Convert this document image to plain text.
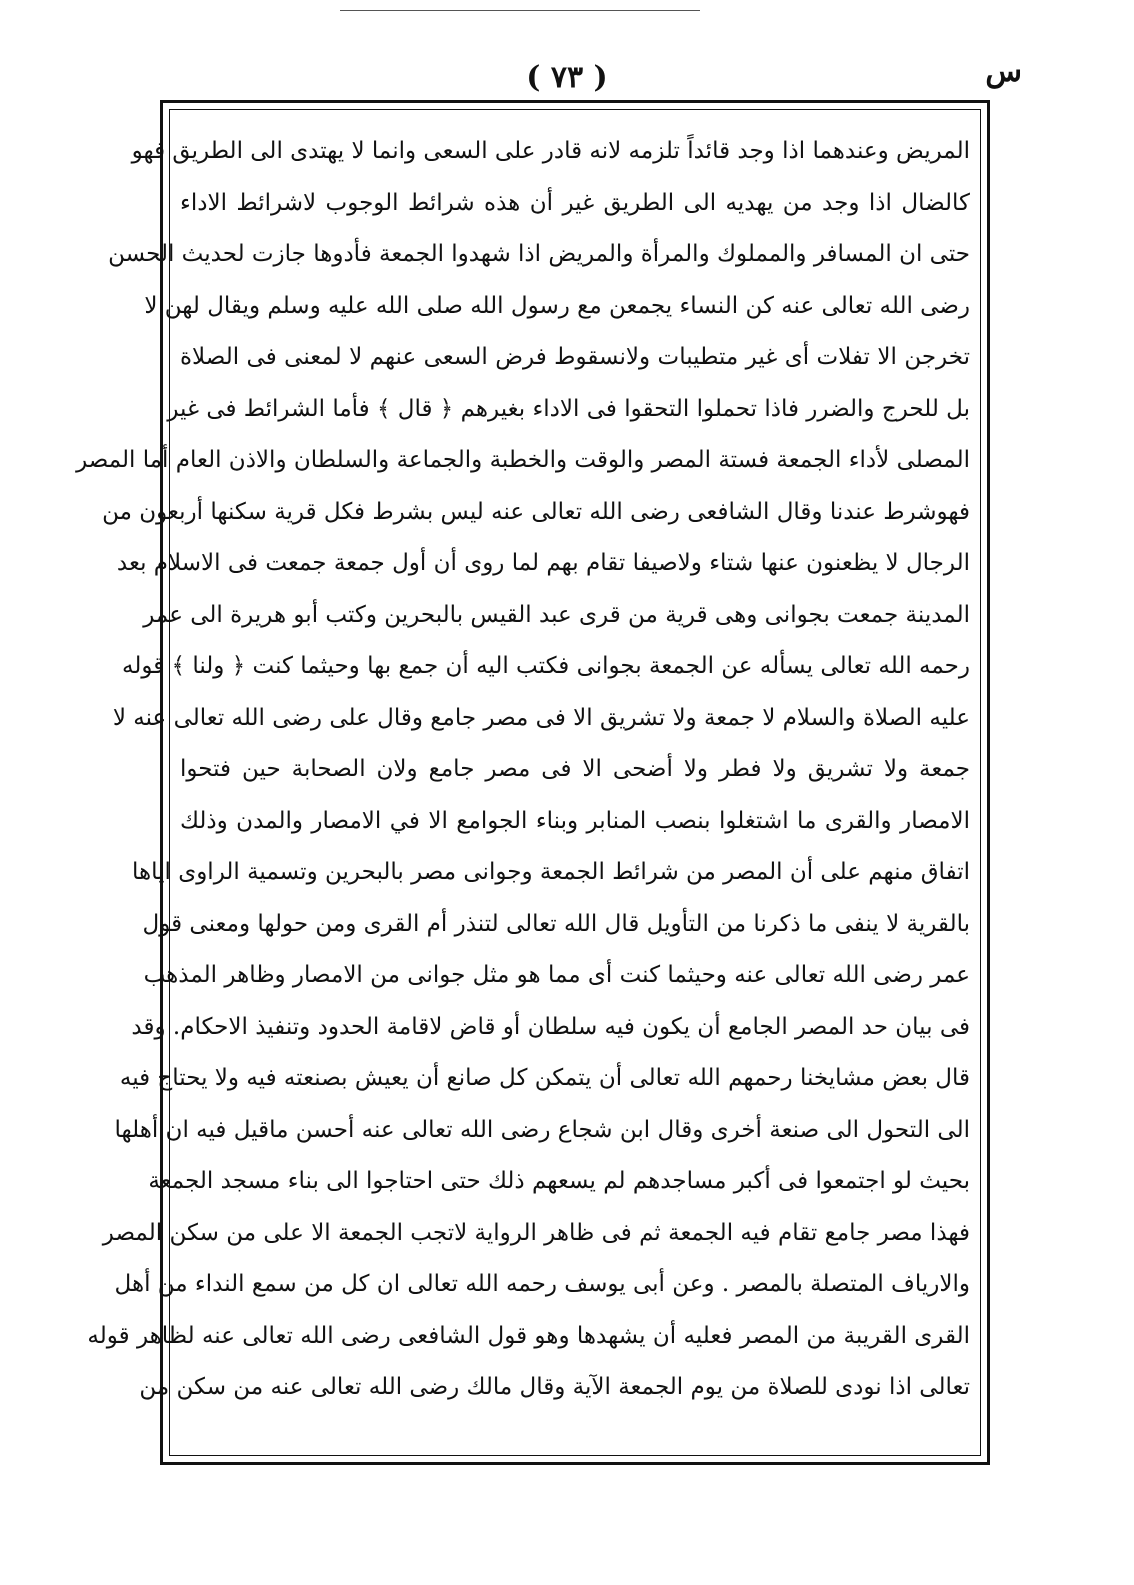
( ٧٣ )	س
المريض وعندهما اذا وجد قائداً تلزمه لانه قادر على السعى وانما لا يهتدى الى الطريق فهو
كالضال اذا وجد من يهديه الى الطريق غير أن هذه شرائط الوجوب لاشرائط الاداء
حتى ان المسافر والمملوك والمرأة والمريض اذا شهدوا الجمعة فأدوها جازت لحديث الحسن
رضى الله تعالى عنه كن النساء يجمعن مع رسول الله صلى الله عليه وسلم ويقال لهن لا
تخرجن الا تفلات أى غير متطيبات ولانسقوط فرض السعى عنهم لا لمعنى فى الصلاة
بل للحرج والضرر فاذا تحملوا التحقوا فى الاداء بغيرهم ﴿ قال ﴾ فأما الشرائط فى غير
المصلى لأداء الجمعة فستة المصر والوقت والخطبة والجماعة والسلطان والاذن العام أما المصر
فهوشرط عندنا وقال الشافعى رضى الله تعالى عنه ليس بشرط فكل قرية سكنها أربعون من
الرجال لا يظعنون عنها شتاء ولاصيفا تقام بهم لما روى أن أول جمعة جمعت فى الاسلام بعد
المدينة جمعت بجوانى وهى قرية من قرى عبد القيس بالبحرين وكتب أبو هريرة الى عمر
رحمه الله تعالى يسأله عن الجمعة بجوانى فكتب اليه أن جمع بها وحيثما كنت ﴿ ولنا ﴾ قوله
عليه الصلاة والسلام لا جمعة ولا تشريق الا فى مصر جامع وقال على رضى الله تعالى عنه لا
جمعة ولا تشريق ولا فطر ولا أضحى الا فى مصر جامع ولان الصحابة حين فتحوا
الامصار والقرى ما اشتغلوا بنصب المنابر وبناء الجوامع الا في الامصار والمدن وذلك
اتفاق منهم على أن المصر من شرائط الجمعة وجوانى مصر بالبحرين وتسمية الراوى اياها
بالقرية لا ينفى ما ذكرنا من التأويل قال الله تعالى لتنذر أم القرى ومن حولها ومعنى قول
عمر رضى الله تعالى عنه وحيثما كنت أى مما هو مثل جوانى من الامصار وظاهر المذهب
فى بيان حد المصر الجامع أن يكون فيه سلطان أو قاض لاقامة الحدود وتنفيذ الاحكام. وقد
قال بعض مشايخنا رحمهم الله تعالى أن يتمكن كل صانع أن يعيش بصنعته فيه ولا يحتاج فيه
الى التحول الى صنعة أخرى وقال ابن شجاع رضى الله تعالى عنه أحسن ماقيل فيه ان أهلها
بحيث لو اجتمعوا فى أكبر مساجدهم لم يسعهم ذلك حتى احتاجوا الى بناء مسجد الجمعة
فهذا مصر جامع تقام فيه الجمعة ثم فى ظاهر الرواية لاتجب الجمعة الا على من سكن المصر
والارياف المتصلة بالمصر . وعن أبى يوسف رحمه الله تعالى ان كل من سمع النداء من أهل
القرى القريبة من المصر فعليه أن يشهدها وهو قول الشافعى رضى الله تعالى عنه لظاهر قوله
تعالى اذا نودى للصلاة من يوم الجمعة الآية وقال مالك رضى الله تعالى عنه من سكن من
